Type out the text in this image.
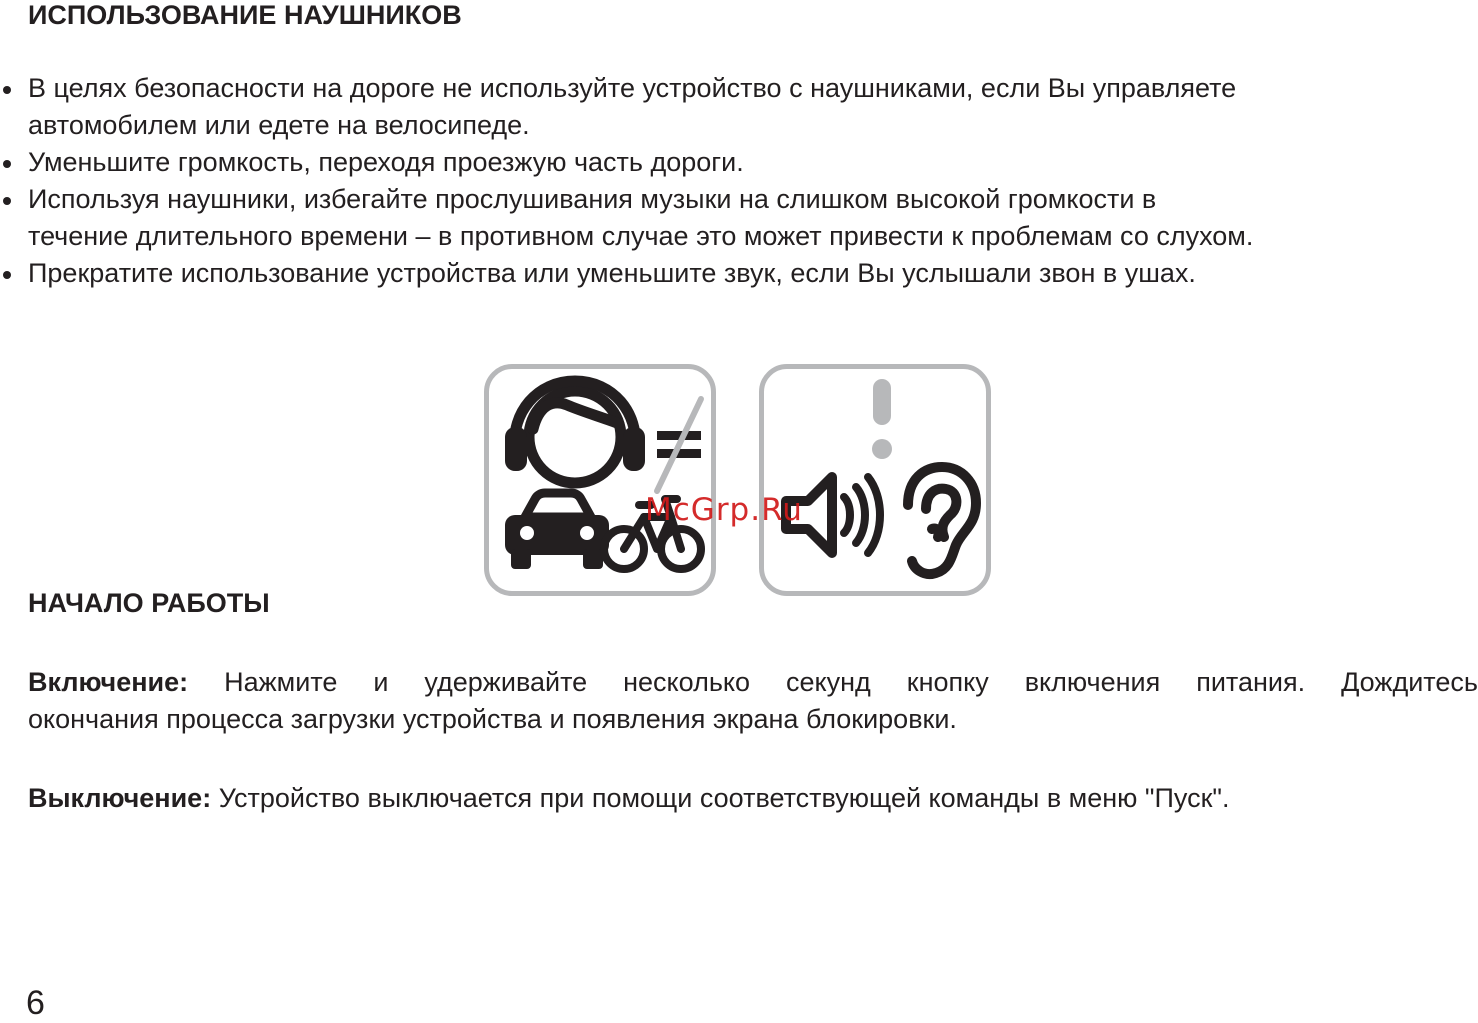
ИСПОЛЬЗОВАНИЕ НАУШНИКОВ
В целях безопасности на дороге не используйте устройство с наушниками, если Вы управляете
автомобилем или едете на велосипеде.
Уменьшите громкость, переходя проезжую часть дороги.
Используя наушники, избегайте прослушивания музыки на слишком высокой громкости в
течение длительного времени – в противном случае это может привести к проблемам со слухом.
Прекратите использование устройства или уменьшите звук, если Вы услышали звон в ушах.
McGrp.Ru
НАЧАЛО РАБОТЫ
Включение: Нажмите и удерживайте несколько секунд кнопку включения питания. Дождитесь
окончания процесса загрузки устройства и появления экрана блокировки.
Выключение: Устройство выключается при помощи соответствующей команды в меню "Пуск".
6
